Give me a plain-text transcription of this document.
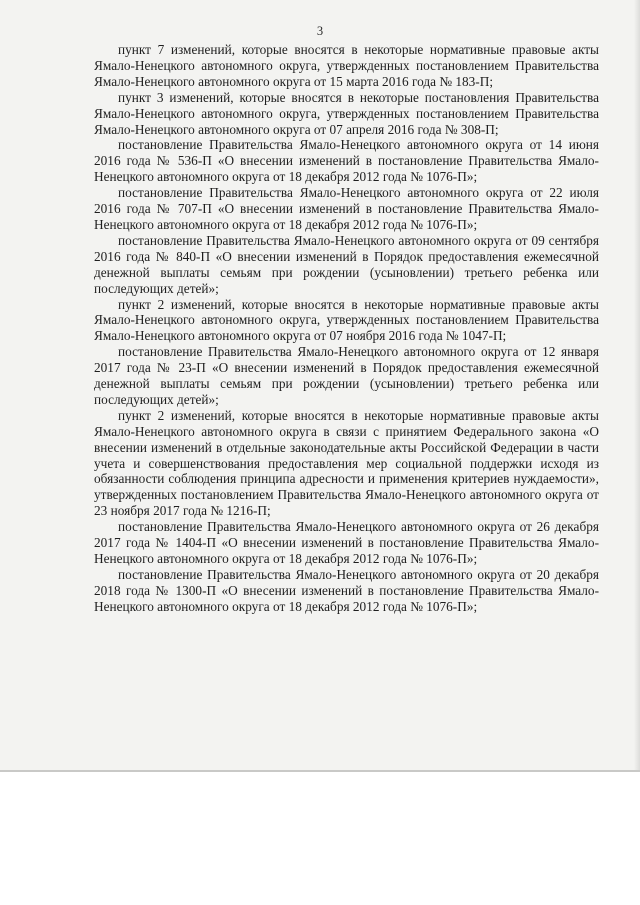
3

пункт 7 изменений, которые вносятся в некоторые нормативные правовые акты Ямало-Ненецкого автономного округа, утвержденных постановлением Правительства Ямало-Ненецкого автономного округа от 15 марта 2016 года № 183-П;

пункт 3 изменений, которые вносятся в некоторые постановления Правительства Ямало-Ненецкого автономного округа, утвержденных постановлением Правительства Ямало-Ненецкого автономного округа от 07 апреля 2016 года № 308-П;

постановление Правительства Ямало-Ненецкого автономного округа от 14 июня 2016 года № 536-П «О внесении изменений в постановление Правительства Ямало-Ненецкого автономного округа от 18 декабря 2012 года № 1076-П»;

постановление Правительства Ямало-Ненецкого автономного округа от 22 июля 2016 года № 707-П «О внесении изменений в постановление Правительства Ямало-Ненецкого автономного округа от 18 декабря 2012 года № 1076-П»;

постановление Правительства Ямало-Ненецкого автономного округа от 09 сентября 2016 года № 840-П «О внесении изменений в Порядок предоставления ежемесячной денежной выплаты семьям при рождении (усыновлении) третьего ребенка или последующих детей»;

пункт 2 изменений, которые вносятся в некоторые нормативные правовые акты Ямало-Ненецкого автономного округа, утвержденных постановлением Правительства Ямало-Ненецкого автономного округа от 07 ноября 2016 года № 1047-П;

постановление Правительства Ямало-Ненецкого автономного округа от 12 января 2017 года № 23-П «О внесении изменений в Порядок предоставления ежемесячной денежной выплаты семьям при рождении (усыновлении) третьего ребенка или последующих детей»;

пункт 2 изменений, которые вносятся в некоторые нормативные правовые акты Ямало-Ненецкого автономного округа в связи с принятием Федерального закона «О внесении изменений в отдельные законодательные акты Российской Федерации в части учета и совершенствования предоставления мер социальной поддержки исходя из обязанности соблюдения принципа адресности и применения критериев нуждаемости», утвержденных постановлением Правительства Ямало-Ненецкого автономного округа от 23 ноября 2017 года № 1216-П;

постановление Правительства Ямало-Ненецкого автономного округа от 26 декабря 2017 года № 1404-П «О внесении изменений в постановление Правительства Ямало-Ненецкого автономного округа от 18 декабря 2012 года № 1076-П»;

постановление Правительства Ямало-Ненецкого автономного округа от 20 декабря 2018 года № 1300-П «О внесении изменений в постановление Правительства Ямало-Ненецкого автономного округа от 18 декабря 2012 года № 1076-П»;
